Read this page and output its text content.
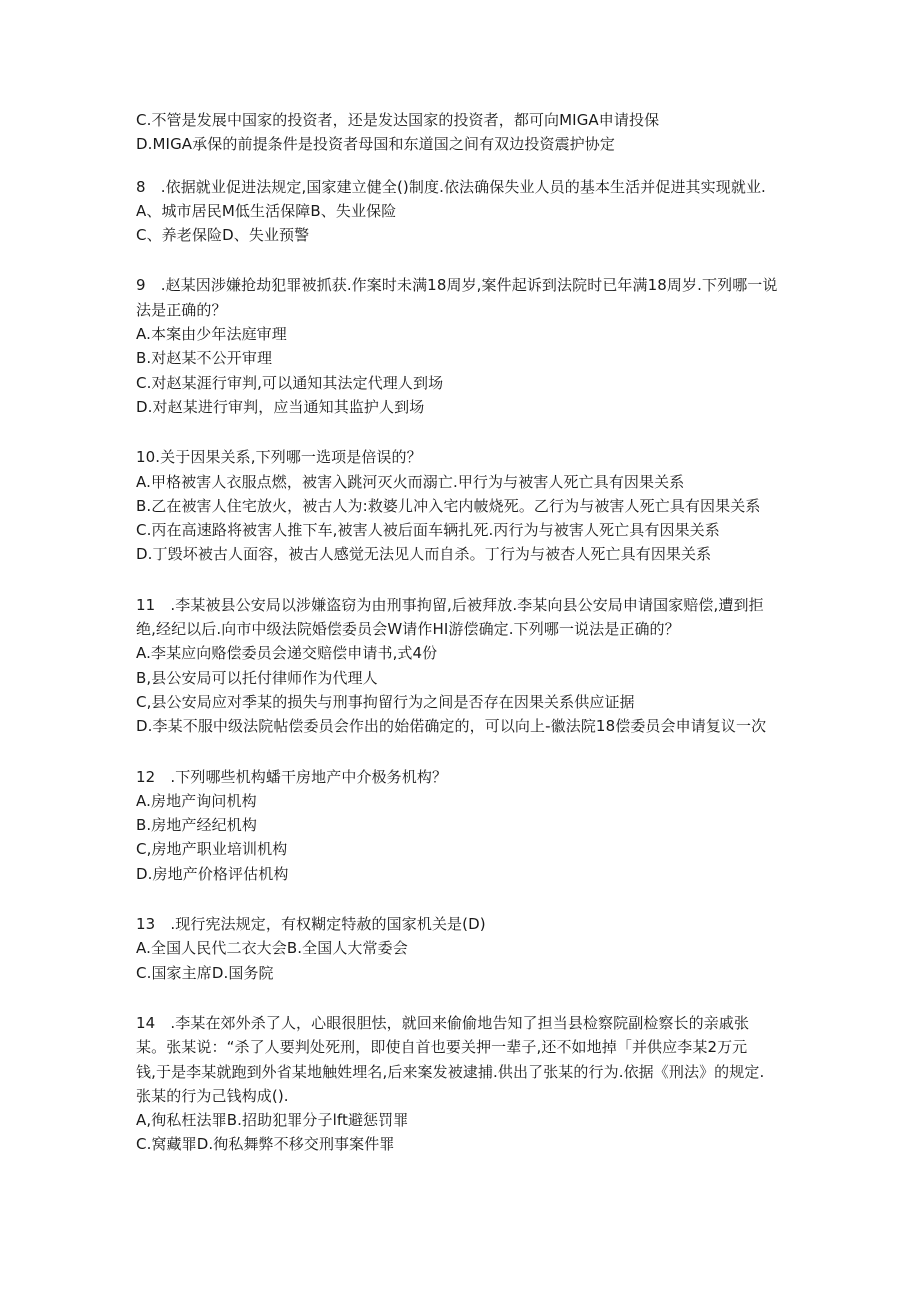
C.不管是发展中国家的投资者，还是发达国家的投资者，都可向MIGA申请投保
D.MIGA承保的前提条件是投资者母国和东道国之间有双边投资震护协定
8　.依据就业促进法规定,国家建立健全()制度.依法确保失业人员的基本生活并促进其实现就业.
A、城市居民M低生活保障B、失业保险
C、养老保险D、失业预警
9　.赵某因涉嫌抢劫犯罪被抓获.作案时未满18周岁,案件起诉到法院时已年满18周岁.下列哪一说
法是正确的？
A.本案由少年法庭审理
B.对赵某不公开审理
C.对赵某涯行审判,可以通知其法定代理人到场
D.对赵某进行审判，应当通知其监护人到场
10.关于因果关系,下列哪一选项是倍误的？
A.甲格被害人衣服点燃，被害入跳河灭火而溺亡.甲行为与被害人死亡具有因果关系
B.乙在被害人住宅放火，被古人为:救婆儿冲入宅内帔烧死。乙行为与被害人死亡具有因果关系
C.丙在高速路将被害人推下车,被害人被后面车辆扎死.丙行为与被害人死亡具有因果关系
D.丁毁坏被古人面容，被古人感觉无法见人而自杀。丁行为与被杏人死亡具有因果关系
11　.李某被县公安局以涉嫌盗窃为由刑事拘留,后被拜放.李某向县公安局申请国家赔偿,遭到拒
绝,经纪以后.向市中级法院婚偿委员会W请作HI游偿确定.下列哪一说法是正确的？
A.李某应向赂偿委员会递交赔偿申请书,式4份
B,县公安局可以托付律师作为代理人
C,县公安局应对季某的损失与刑事拘留行为之间是否存在因果关系供应证据
D.李某不服中级法院帖偿委员会作出的始偌确定的，可以向上-徽法院18偿委员会申请复议一次
12　.下列哪些机构蟠干房地产中介极务机构？
A.房地产询问机构
B.房地产经纪机构
C,房地产职业培训机构
D.房地产价格评估机构
13　.现行宪法规定，有权糊定特赦的国家机关是(D)
A.全国人民代二衣大会B.全国人大常委会
C.国家主席D.国务院
14　.李某在郊外杀了人，心眼很胆怯，就回来偷偷地告知了担当县检察院副检察长的亲戚张
某。张某说：“杀了人要判处死刑，即使自首也要关押一辈子,还不如地掉「并供应李某2万元
钱,于是李某就跑到外省某地触姓埋名,后来案发被逮捕.供出了张某的行为.依据《刑法》的规定.
张某的行为己钱构成().
A,徇私枉法罪B.招助犯罪分子lft避惩罚罪
C.窝藏罪D.徇私舞弊不移交刑事案件罪
